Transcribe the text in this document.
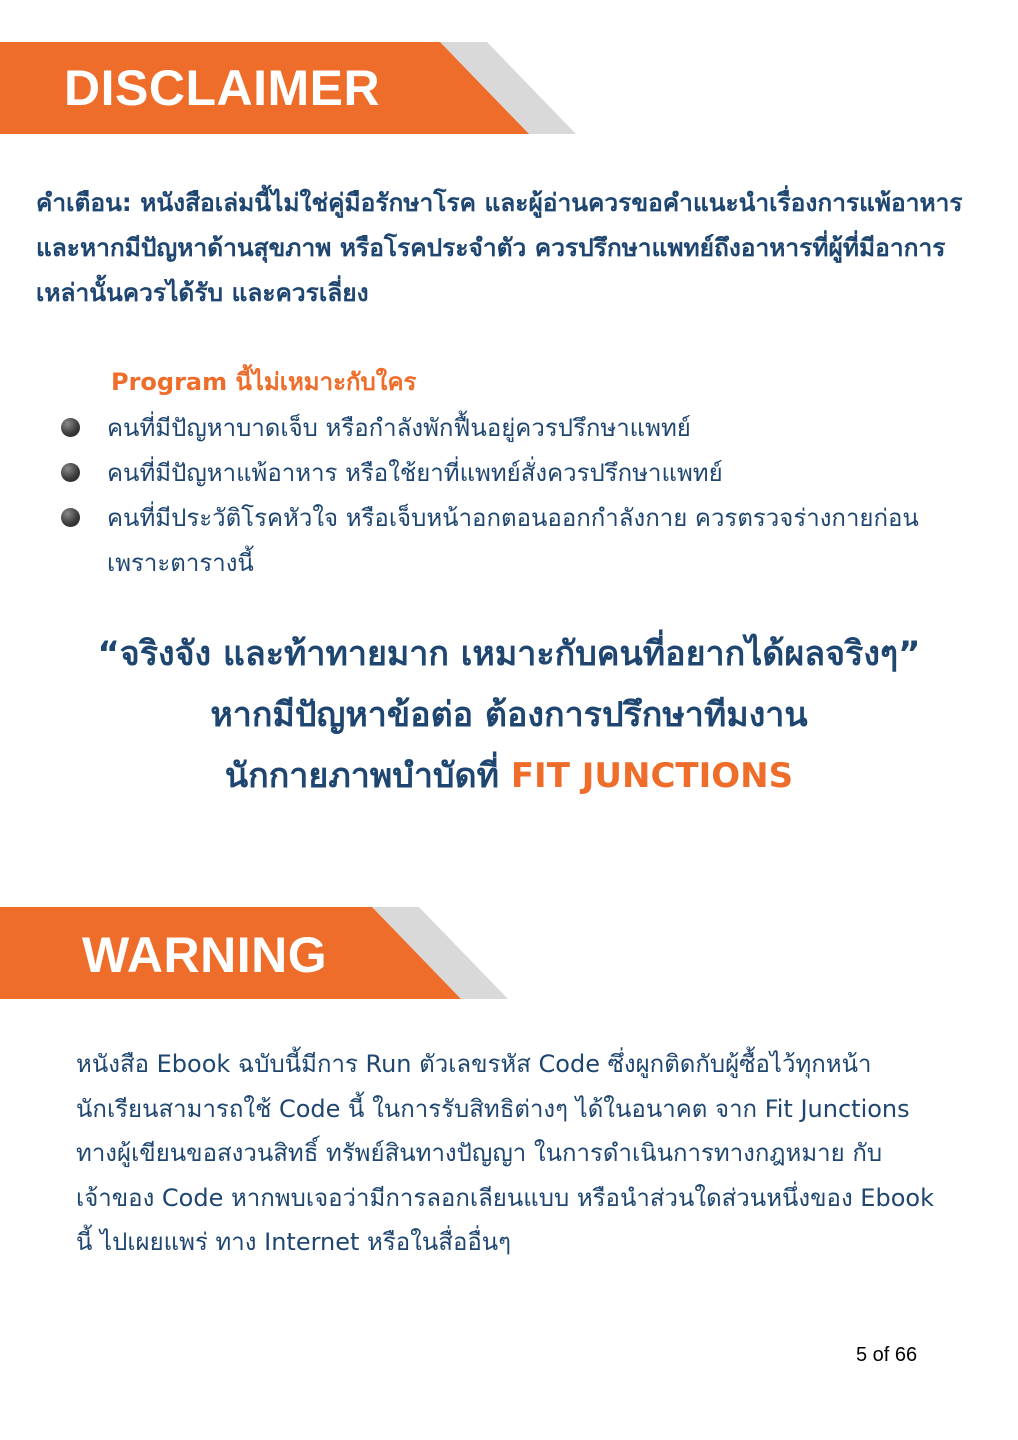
DISCLAIMER

คำเตือน: หนังสือเล่มนี้ไม่ใช่คู่มือรักษาโรค และผู้อ่านควรขอคำแนะนำเรื่องการแพ้อาหาร และหากมีปัญหาด้านสุขภาพ หรือโรคประจำตัว ควรปรึกษาแพทย์ถึงอาหารที่ผู้ที่มีอาการ เหล่านั้นควรได้รับ และควรเลี่ยง

Program นี้ไม่เหมาะกับใคร

คนที่มีปัญหาบาดเจ็บ หรือกำลังพักฟื้นอยู่ควรปรึกษาแพทย์
คนที่มีปัญหาแพ้อาหาร หรือใช้ยาที่แพทย์สั่งควรปรึกษาแพทย์
คนที่มีประวัติโรคหัวใจ หรือเจ็บหน้าอกตอนออกกำลังกาย ควรตรวจร่างกายก่อน เพราะตารางนี้

“จริงจัง และท้าทายมาก เหมาะกับคนที่อยากได้ผลจริงๆ”

หากมีปัญหาข้อต่อ ต้องการปรึกษาทีมงาน

นักกายภาพบำบัดที่ FIT JUNCTIONS

WARNING

หนังสือ Ebook ฉบับนี้มีการ Run ตัวเลขรหัส Code ซึ่งผูกติดกับผู้ซื้อไว้ทุกหน้า นักเรียนสามารถใช้ Code นี้ ในการรับสิทธิต่างๆ ได้ในอนาคต จาก Fit Junctions ทางผู้เขียนขอสงวนสิทธิ์ ทรัพย์สินทางปัญญา ในการดำเนินการทางกฎหมาย กับเจ้าของ Code หากพบเจอว่ามีการลอกเลียนแบบ หรือนำส่วนใดส่วนหนึ่งของ Ebook นี้ ไปเผยแพร่ ทาง Internet หรือในสื่ออื่นๆ

5 of 66
